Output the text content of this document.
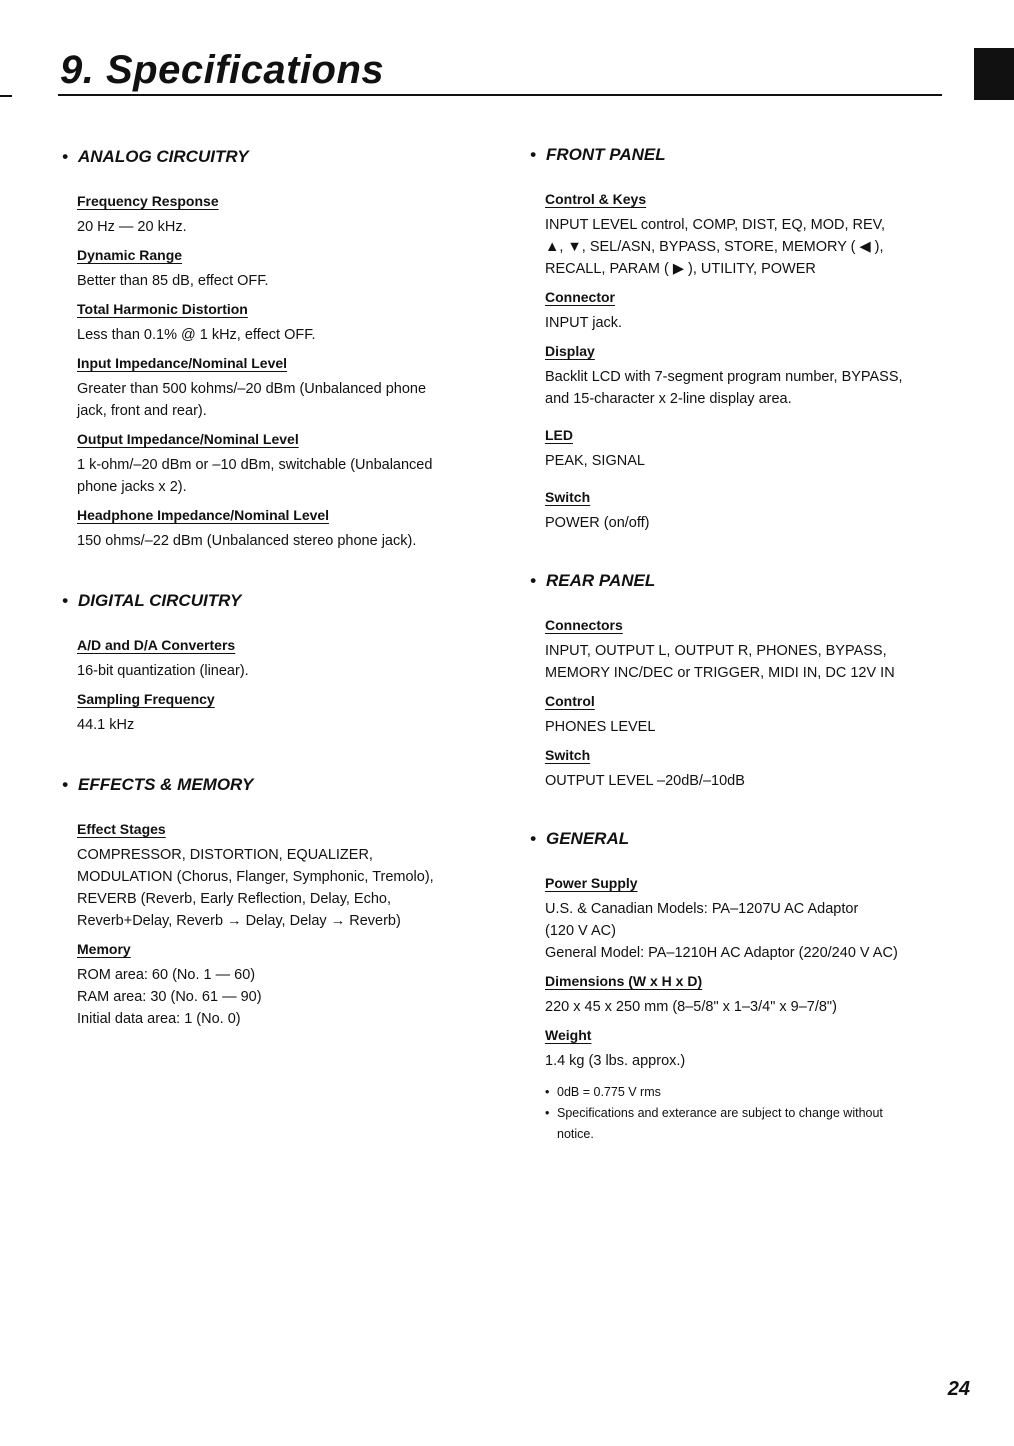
9. Specifications
• ANALOG CIRCUITRY
Frequency Response
20 Hz — 20 kHz.
Dynamic Range
Better than 85 dB, effect OFF.
Total Harmonic Distortion
Less than 0.1% @ 1 kHz, effect OFF.
Input Impedance/Nominal Level
Greater than 500 kohms/–20 dBm (Unbalanced phone
jack, front and rear).
Output Impedance/Nominal Level
1 k-ohm/–20 dBm or –10 dBm, switchable (Unbalanced
phone jacks x 2).
Headphone Impedance/Nominal Level
150 ohms/–22 dBm (Unbalanced stereo phone jack).
• DIGITAL CIRCUITRY
A/D and D/A Converters
16-bit quantization (linear).
Sampling Frequency
44.1 kHz
• EFFECTS & MEMORY
Effect Stages
COMPRESSOR, DISTORTION, EQUALIZER,
MODULATION (Chorus, Flanger, Symphonic, Tremolo),
REVERB (Reverb, Early Reflection, Delay, Echo,
Reverb+Delay, Reverb → Delay, Delay → Reverb)
Memory
ROM area: 60 (No. 1 — 60)
RAM area: 30 (No. 61 — 90)
Initial data area: 1 (No. 0)
• FRONT PANEL
Control & Keys
INPUT LEVEL control, COMP, DIST, EQ, MOD, REV,
▲, ▼, SEL/ASN, BYPASS, STORE, MEMORY ( ◀ ),
RECALL, PARAM ( ▶ ), UTILITY, POWER
Connector
INPUT jack.
Display
Backlit LCD with 7-segment program number, BYPASS,
and 15-character x 2-line display area.
LED
PEAK, SIGNAL
Switch
POWER (on/off)
• REAR PANEL
Connectors
INPUT, OUTPUT L, OUTPUT R, PHONES, BYPASS,
MEMORY INC/DEC or TRIGGER, MIDI IN, DC 12V IN
Control
PHONES LEVEL
Switch
OUTPUT LEVEL –20dB/–10dB
• GENERAL
Power Supply
U.S. & Canadian Models: PA–1207U AC Adaptor
(120 V AC)
General Model: PA–1210H AC Adaptor (220/240 V AC)
Dimensions (W x H x D)
220 x 45 x 250 mm (8–5/8" x 1–3/4" x 9–7/8")
Weight
1.4 kg (3 lbs. approx.)
• 0dB = 0.775 V rms
• Specifications and exterance are subject to change without
notice.
24
